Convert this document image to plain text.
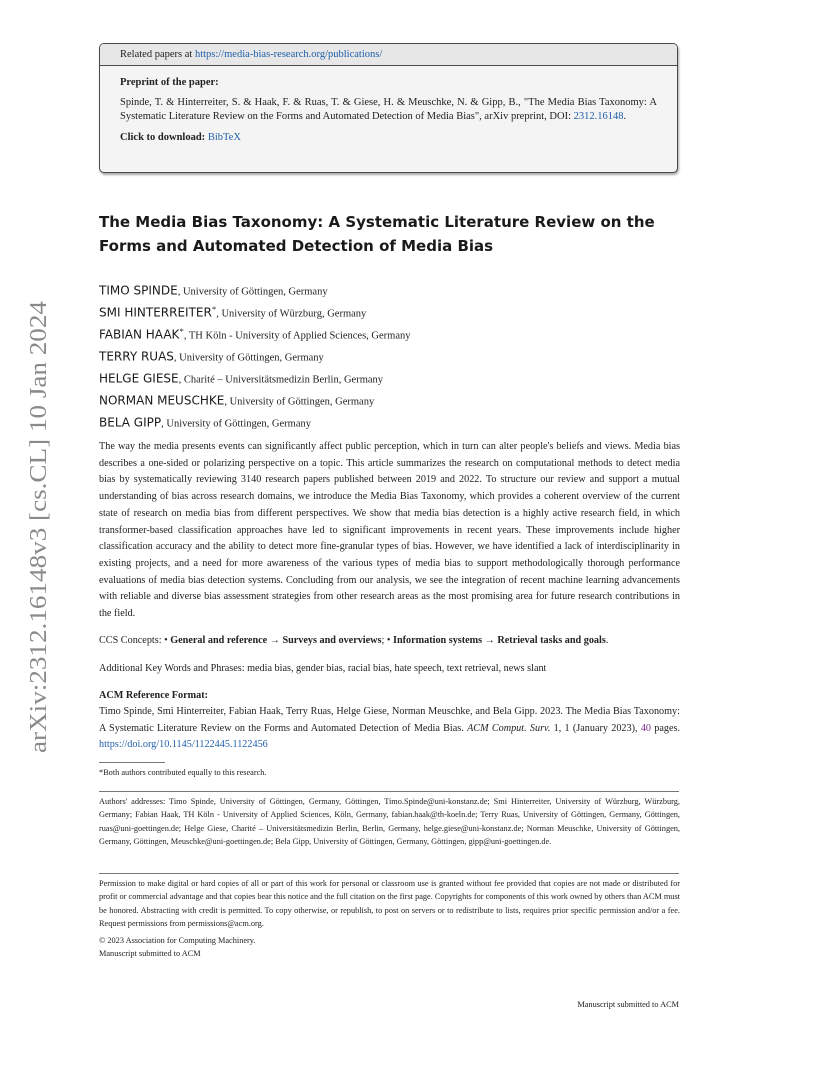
arXiv:2312.16148v3 [cs.CL] 10 Jan 2024
Related papers at https://media-bias-research.org/publications/

Preprint of the paper:

Spinde, T. & Hinterreiter, S. & Haak, F. & Ruas, T. & Giese, H. & Meuschke, N. & Gipp, B., "The Media Bias Taxonomy: A Systematic Literature Review on the Forms and Automated Detection of Media Bias", arXiv preprint, DOI: 2312.16148.

Click to download: BibTeX

The Media Bias Taxonomy: A Systematic Literature Review on the Forms and Automated Detection of Media Bias
TIMO SPINDE, University of Göttingen, Germany
SMI HINTERREITER*, University of Würzburg, Germany
FABIAN HAAK*, TH Köln - University of Applied Sciences, Germany
TERRY RUAS, University of Göttingen, Germany
HELGE GIESE, Charité – Universitätsmedizin Berlin, Germany
NORMAN MEUSCHKE, University of Göttingen, Germany
BELA GIPP, University of Göttingen, Germany

The way the media presents events can significantly affect public perception, which in turn can alter people's beliefs and views. Media bias describes a one-sided or polarizing perspective on a topic. This article summarizes the research on computational methods to detect media bias by systematically reviewing 3140 research papers published between 2019 and 2022. To structure our review and support a mutual understanding of bias across research domains, we introduce the Media Bias Taxonomy, which provides a coherent overview of the current state of research on media bias from different perspectives. We show that media bias detection is a highly active research field, in which transformer-based classification approaches have led to significant improvements in recent years. These improvements include higher classification accuracy and the ability to detect more fine-granular types of bias. However, we have identified a lack of interdisciplinarity in existing projects, and a need for more awareness of the various types of media bias to support methodologically thorough performance evaluations of media bias detection systems. Concluding from our analysis, we see the integration of recent machine learning advancements with reliable and diverse bias assessment strategies from other research areas as the most promising area for future research contributions in the field.

CCS Concepts: • General and reference → Surveys and overviews; • Information systems → Retrieval tasks and goals.

Additional Key Words and Phrases: media bias, gender bias, racial bias, hate speech, text retrieval, news slant

ACM Reference Format:

Timo Spinde, Smi Hinterreiter, Fabian Haak, Terry Ruas, Helge Giese, Norman Meuschke, and Bela Gipp. 2023. The Media Bias Taxonomy: A Systematic Literature Review on the Forms and Automated Detection of Media Bias. ACM Comput. Surv. 1, 1 (January 2023), 40 pages. https://doi.org/10.1145/1122445.1122456

*Both authors contributed equally to this research.

Authors' addresses: Timo Spinde, University of Göttingen, Germany, Göttingen, Timo.Spinde@uni-konstanz.de; Smi Hinterreiter, University of Würzburg, Würzburg, Germany; Fabian Haak, TH Köln - University of Applied Sciences, Köln, Germany, fabian.haak@th-koeln.de; Terry Ruas, University of Göttingen, Germany, Göttingen, ruas@uni-goettingen.de; Helge Giese, Charité – Universitätsmedizin Berlin, Berlin, Germany, helge.giese@uni-konstanz.de; Norman Meuschke, University of Göttingen, Germany, Göttingen, Meuschke@uni-goettingen.de; Bela Gipp, University of Göttingen, Germany, Göttingen, gipp@uni-goettingen.de.

Permission to make digital or hard copies of all or part of this work for personal or classroom use is granted without fee provided that copies are not made or distributed for profit or commercial advantage and that copies bear this notice and the full citation on the first page. Copyrights for components of this work owned by others than ACM must be honored. Abstracting with credit is permitted. To copy otherwise, or republish, to post on servers or to redistribute to lists, requires prior specific permission and/or a fee. Request permissions from permissions@acm.org.

© 2023 Association for Computing Machinery.
Manuscript submitted to ACM

Manuscript submitted to ACM
